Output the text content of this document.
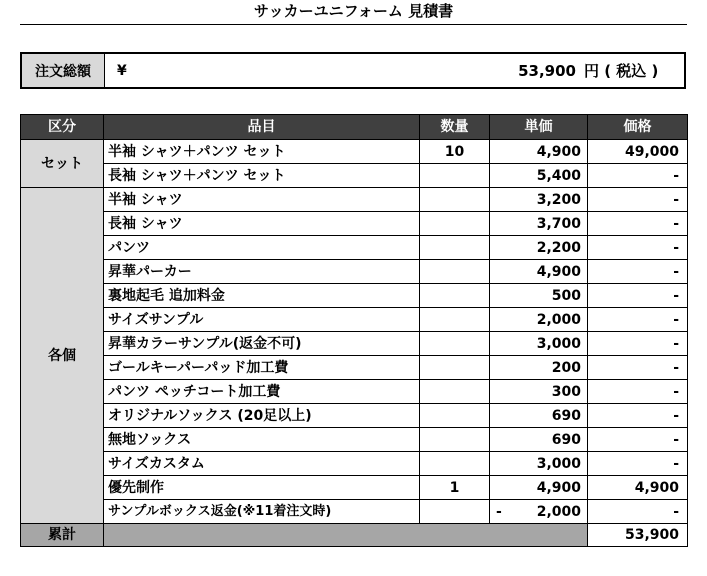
サッカーユニフォーム 見積書
注文総額	¥	53,900 円 ( 税込 )
区分	品目	数量	単価	価格
セット	半袖 シャツ＋パンツ セット	10	4,900	49,000
	長袖 シャツ＋パンツ セット		5,400	-
各個	半袖 シャツ		3,200	-
	長袖 シャツ		3,700	-
	パンツ		2,200	-
	昇華パーカー		4,900	-
	裏地起毛 追加料金		500	-
	サイズサンプル		2,000	-
	昇華カラーサンプル(返金不可)		3,000	-
	ゴールキーパーパッド加工費		200	-
	パンツ ペッチコート加工費		300	-
	オリジナルソックス (20足以上)		690	-
	無地ソックス		690	-
	サイズカスタム		3,000	-
	優先制作	1	4,900	4,900
	サンプルボックス返金(※11着注文時)		- 2,000	-
累計				53,900
